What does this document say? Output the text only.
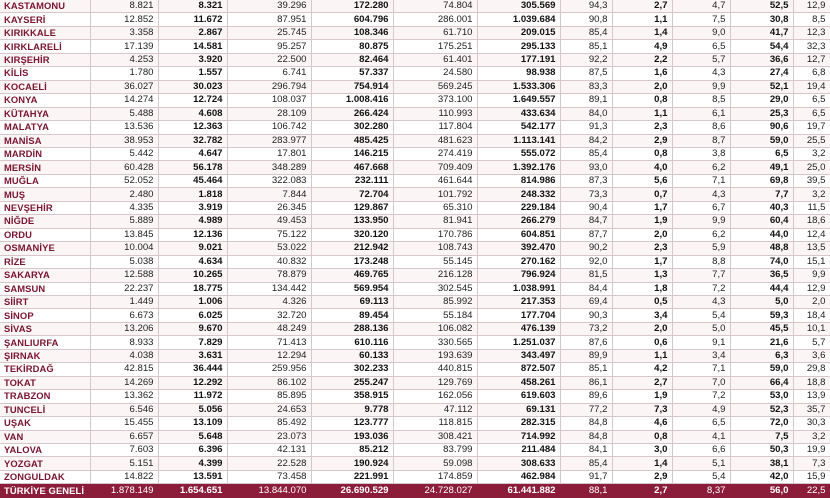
KASTAMONU	8.821	8.321	39.296	172.280	74.804	305.569	94,3	2,7	4,7	52,5	12,9
KAYSERİ	12.852	11.672	87.951	604.796	286.001	1.039.684	90,8	1,1	7,5	30,8	8,5
KIRIKKALE	3.358	2.867	25.745	108.346	61.710	209.015	85,4	1,4	9,0	41,7	12,3
KIRKLARELİ	17.139	14.581	95.257	80.875	175.251	295.133	85,1	4,9	6,5	54,4	32,3
KIRŞEHİR	4.253	3.920	22.500	82.464	61.401	177.191	92,2	2,2	5,7	36,6	12,7
KİLİS	1.780	1.557	6.741	57.337	24.580	98.938	87,5	1,6	4,3	27,4	6,8
KOCAELİ	36.027	30.023	296.794	754.914	569.245	1.533.306	83,3	2,0	9,9	52,1	19,4
KONYA	14.274	12.724	108.037	1.008.416	373.100	1.649.557	89,1	0,8	8,5	29,0	6,5
KÜTAHYA	5.488	4.608	28.109	266.424	110.993	433.634	84,0	1,1	6,1	25,3	6,5
MALATYA	13.536	12.363	106.742	302.280	117.804	542.177	91,3	2,3	8,6	90,6	19,7
MANİSA	38.953	32.782	283.977	485.425	481.623	1.113.141	84,2	2,9	8,7	59,0	25,5
MARDİN	5.442	4.647	17.801	146.215	274.419	555.072	85,4	0,8	3,8	6,5	3,2
MERSİN	60.428	56.178	348.289	467.668	709.409	1.392.176	93,0	4,0	6,2	49,1	25,0
MUĞLA	52.052	45.464	322.083	232.111	461.644	814.986	87,3	5,6	7,1	69,8	39,5
MUŞ	2.480	1.818	7.844	72.704	101.792	248.332	73,3	0,7	4,3	7,7	3,2
NEVŞEHİR	4.335	3.919	26.345	129.867	65.310	229.184	90,4	1,7	6,7	40,3	11,5
NİĞDE	5.889	4.989	49.453	133.950	81.941	266.279	84,7	1,9	9,9	60,4	18,6
ORDU	13.845	12.136	75.122	320.120	170.786	604.851	87,7	2,0	6,2	44,0	12,4
OSMANİYE	10.004	9.021	53.022	212.942	108.743	392.470	90,2	2,3	5,9	48,8	13,5
RİZE	5.038	4.634	40.832	173.248	55.145	270.162	92,0	1,7	8,8	74,0	15,1
SAKARYA	12.588	10.265	78.879	469.765	216.128	796.924	81,5	1,3	7,7	36,5	9,9
SAMSUN	22.237	18.775	134.442	569.954	302.545	1.038.991	84,4	1,8	7,2	44,4	12,9
SİİRT	1.449	1.006	4.326	69.113	85.992	217.353	69,4	0,5	4,3	5,0	2,0
SİNOP	6.673	6.025	32.720	89.454	55.184	177.704	90,3	3,4	5,4	59,3	18,4
SİVAS	13.206	9.670	48.249	288.136	106.082	476.139	73,2	2,0	5,0	45,5	10,1
ŞANLIURFA	8.933	7.829	71.413	610.116	330.565	1.251.037	87,6	0,6	9,1	21,6	5,7
ŞIRNAK	4.038	3.631	12.294	60.133	193.639	343.497	89,9	1,1	3,4	6,3	3,6
TEKİRDAĞ	42.815	36.444	259.956	302.233	440.815	872.507	85,1	4,2	7,1	59,0	29,8
TOKAT	14.269	12.292	86.102	255.247	129.769	458.261	86,1	2,7	7,0	66,4	18,8
TRABZON	13.362	11.972	85.895	358.915	162.056	619.603	89,6	1,9	7,2	53,0	13,9
TUNCELİ	6.546	5.056	24.653	9.778	47.112	69.131	77,2	7,3	4,9	52,3	35,7
UŞAK	15.455	13.109	85.492	123.777	118.815	282.315	84,8	4,6	6,5	72,0	30,3
VAN	6.657	5.648	23.073	193.036	308.421	714.992	84,8	0,8	4,1	7,5	3,2
YALOVA	7.603	6.396	42.131	85.212	83.799	211.484	84,1	3,0	6,6	50,3	19,9
YOZGAT	5.151	4.399	22.528	190.924	59.098	308.633	85,4	1,4	5,1	38,1	7,3
ZONGULDAK	14.822	13.591	73.458	221.991	174.859	462.984	91,7	2,9	5,4	42,0	15,9
TÜRKİYE GENELİ	1.878.149	1.654.651	13.844.070	26.690.529	24.728.027	61.441.882	88,1	2,7	8,37	56,0	22,5
